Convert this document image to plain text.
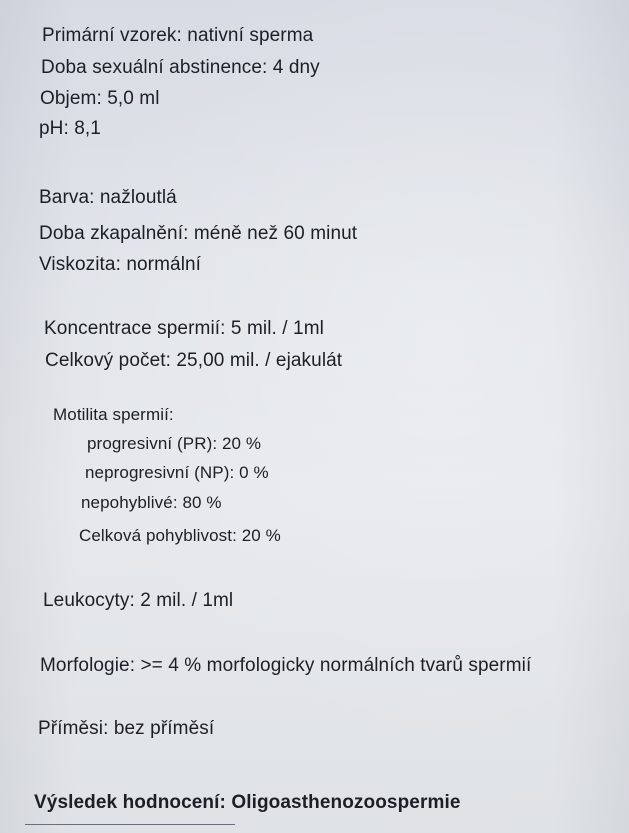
Primární vzorek: nativní sperma
Doba sexuální abstinence: 4 dny
Objem: 5,0 ml
pH: 8,1
Barva: nažloutlá
Doba zkapalnění: méně než 60 minut
Viskozita: normální
Koncentrace spermií: 5 mil. / 1ml
Celkový počet: 25,00 mil. / ejakulát
Motilita spermií:
progresivní (PR): 20 %
neprogresivní (NP): 0 %
nepohyblivé: 80 %
Celková pohyblivost: 20 %
Leukocyty: 2 mil. / 1ml
Morfologie: >= 4 % morfologicky normálních tvarů spermií
Příměsi: bez příměsí
Výsledek hodnocení: Oligoasthenozoospermie
